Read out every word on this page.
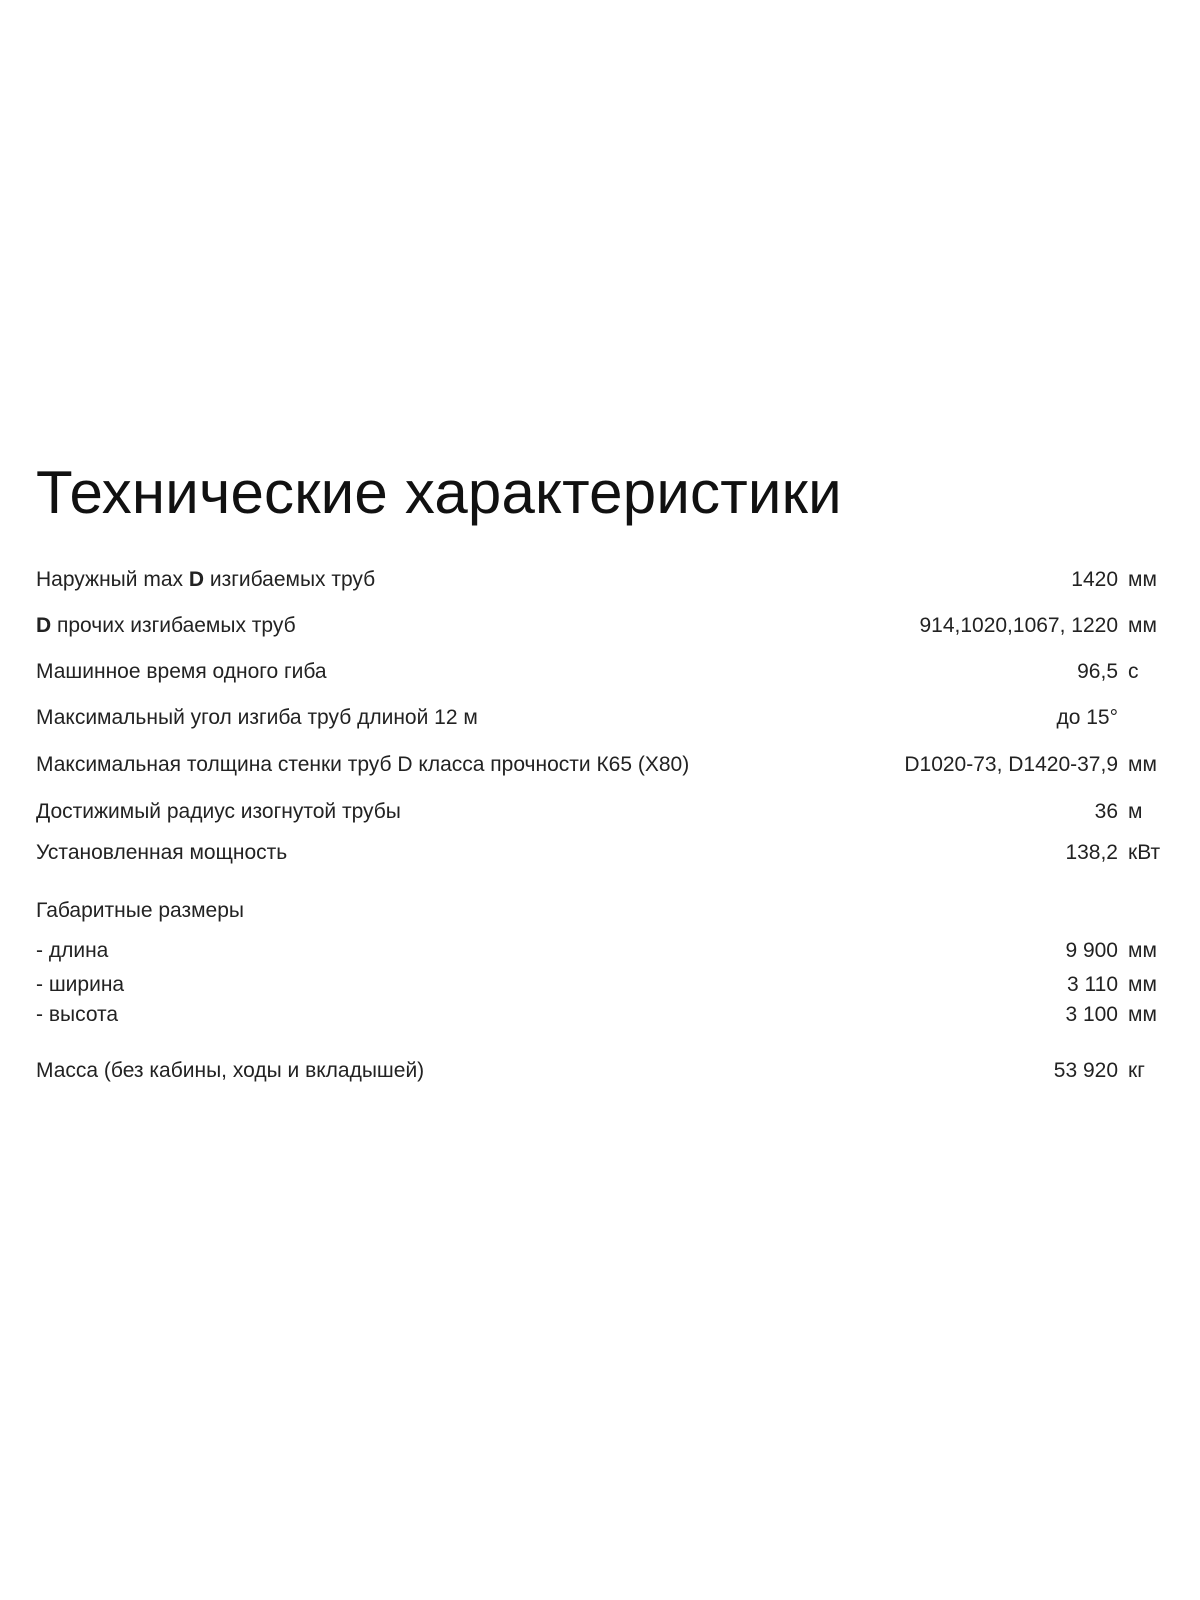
Технические характеристики
Наружный max D изгибаемых труб	1420 мм
D прочих изгибаемых труб	914,1020,1067, 1220 мм
Машинное время одного гиба	96,5 с
Максимальный угол изгиба труб длиной 12 м	до 15°
Максимальная толщина стенки труб D класса прочности К65 (Х80)	D1020-73, D1420-37,9 мм
Достижимый радиус изогнутой трубы	36 м
Установленная мощность	138,2 кВт
Габаритные размеры
- длина	9 900 мм
- ширина	3 110 мм
- высота	3 100 мм
Масса (без кабины, ходы и вкладышей)	53 920 кг
